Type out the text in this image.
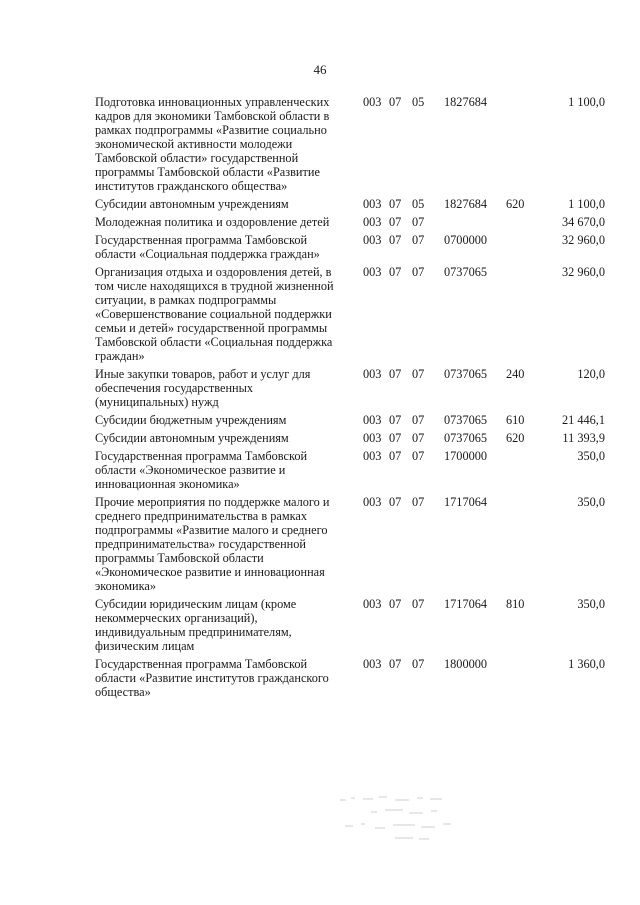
46
Подготовка инновационных управленческих кадров для экономики Тамбовской области в рамках подпрограммы «Развитие социально экономической активности молодежи Тамбовской области» государственной программы Тамбовской области «Развитие институтов гражданского общества»	003	07	05	1827684		1 100,0
Субсидии автономным учреждениям	003	07	05	1827684	620	1 100,0
Молодежная политика и оздоровление детей	003	07	07			34 670,0
Государственная программа Тамбовской области «Социальная поддержка граждан»	003	07	07	0700000		32 960,0
Организация отдыха и оздоровления детей, в том числе находящихся в трудной жизненной ситуации, в рамках подпрограммы «Совершенствование социальной поддержки семьи и детей» государственной программы Тамбовской области «Социальная поддержка граждан»	003	07	07	0737065		32 960,0
Иные закупки товаров, работ и услуг для обеспечения государственных (муниципальных) нужд	003	07	07	0737065	240	120,0
Субсидии бюджетным учреждениям	003	07	07	0737065	610	21 446,1
Субсидии автономным учреждениям	003	07	07	0737065	620	11 393,9
Государственная программа Тамбовской области «Экономическое развитие и инновационная экономика»	003	07	07	1700000		350,0
Прочие мероприятия по поддержке малого и среднего предпринимательства в рамках подпрограммы «Развитие малого и среднего предпринимательства» государственной программы Тамбовской области «Экономическое развитие и инновационная экономика»	003	07	07	1717064		350,0
Субсидии юридическим лицам (кроме некоммерческих организаций), индивидуальным предпринимателям, физическим лицам	003	07	07	1717064	810	350,0
Государственная программа Тамбовской области «Развитие институтов гражданского общества»	003	07	07	1800000		1 360,0
